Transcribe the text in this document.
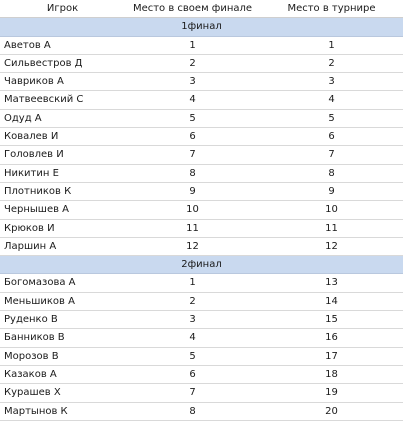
Игрок	Место в своем финале	Место в турнире
1финал		
Аветов А	1	1
Сильвестров Д	2	2
Чавриков А	3	3
Матвеевский С	4	4
Одуд А	5	5
Ковалев И	6	6
Головлев И	7	7
Никитин Е	8	8
Плотников К	9	9
Чернышев А	10	10
Крюков И	11	11
Ларшин А	12	12
2финал		
Богомазова А	1	13
Меньшиков А	2	14
Руденко В	3	15
Банников В	4	16
Морозов В	5	17
Казаков А	6	18
Курашев Х	7	19
Мартынов К	8	20
